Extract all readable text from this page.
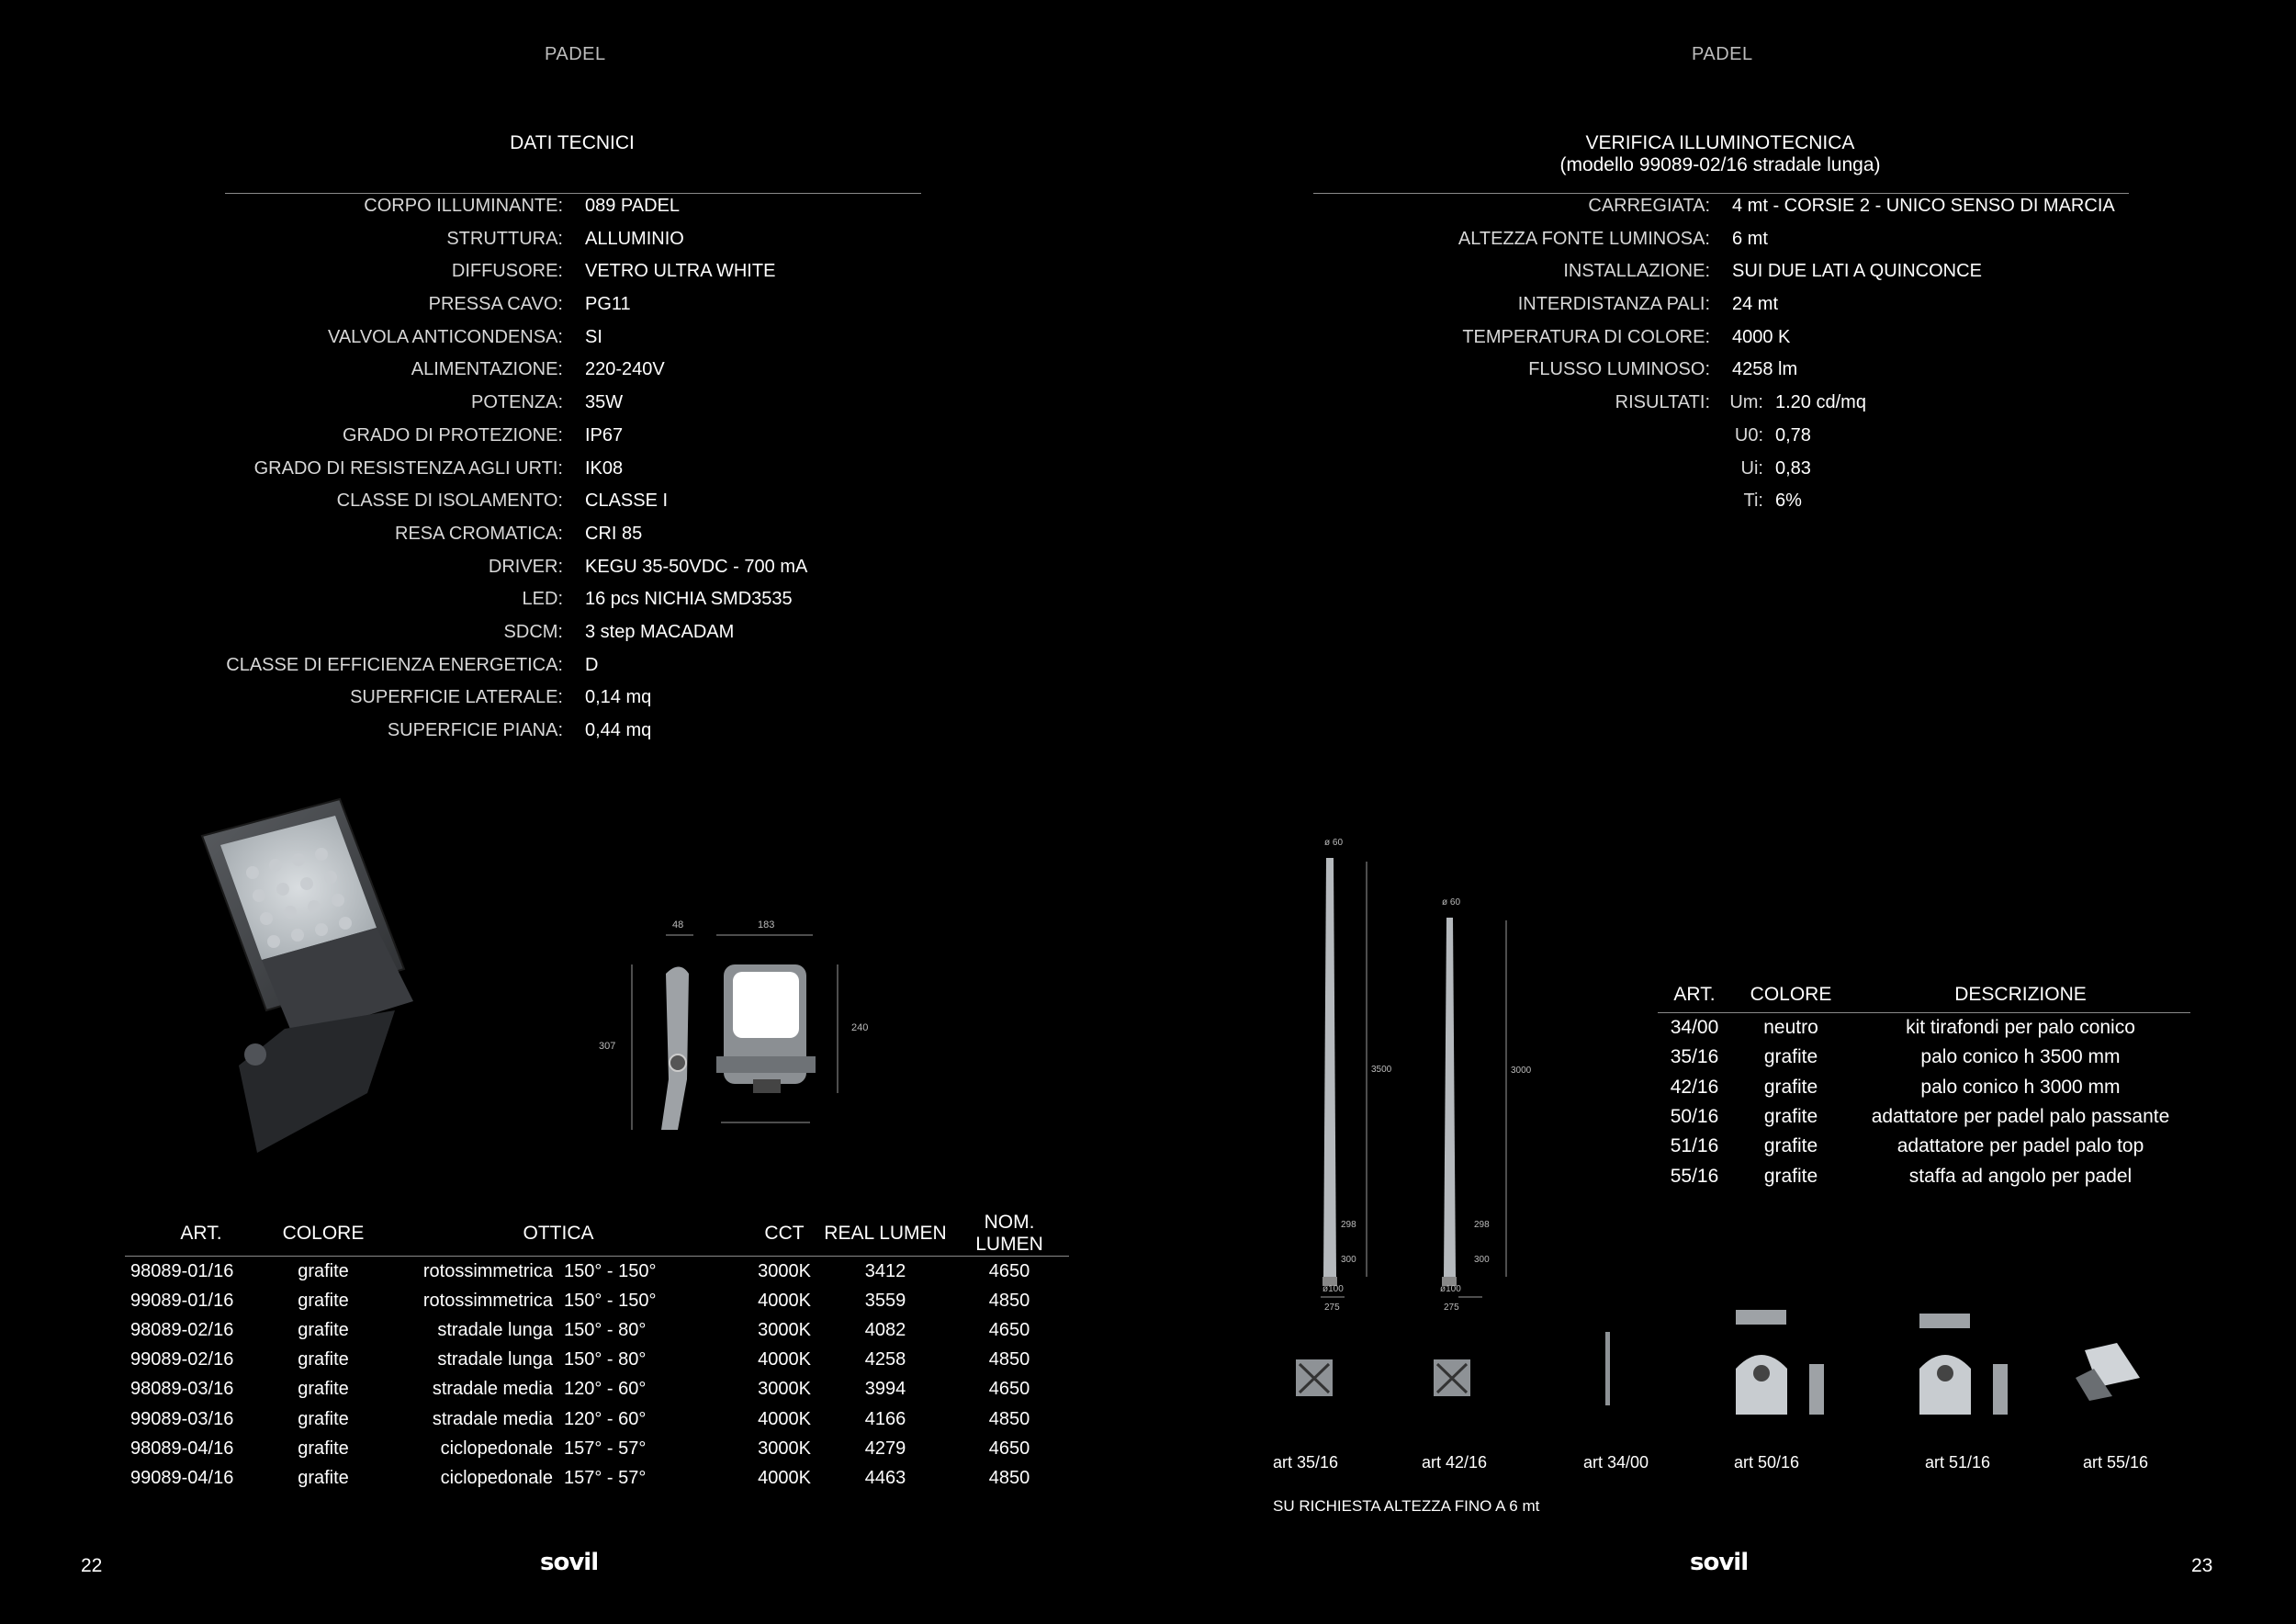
PADEL
DATI TECNICI
CORPO ILLUMINANTE: 089 PADEL
STRUTTURA: ALLUMINIO
DIFFUSORE: VETRO ULTRA WHITE
PRESSA CAVO: PG11
VALVOLA ANTICONDENSA: SI
ALIMENTAZIONE: 220-240V
POTENZA: 35W
GRADO DI PROTEZIONE: IP67
GRADO DI RESISTENZA AGLI URTI: IK08
CLASSE DI ISOLAMENTO: CLASSE I
RESA CROMATICA: CRI 85
DRIVER: KEGU 35-50VDC - 700 mA
LED: 16 pcs NICHIA SMD3535
SDCM: 3 step MACADAM
CLASSE DI EFFICIENZA ENERGETICA: D
SUPERFICIE LATERALE: 0,14 mq
SUPERFICIE PIANA: 0,44 mq
48	183
307
240
ART.	COLORE	OTTICA		CCT	REAL LUMEN	NOM. LUMEN
98089-01/16	grafite	rotossimmetrica	150° - 150°	3000K	3412	4650
99089-01/16	grafite	rotossimmetrica	150° - 150°	4000K	3559	4850
98089-02/16	grafite	stradale lunga	150° - 80°	3000K	4082	4650
99089-02/16	grafite	stradale lunga	150° - 80°	4000K	4258	4850
98089-03/16	grafite	stradale media	120° - 60°	3000K	3994	4650
99089-03/16	grafite	stradale media	120° - 60°	4000K	4166	4850
98089-04/16	grafite	ciclopedonale	157° - 57°	3000K	4279	4650
99089-04/16	grafite	ciclopedonale	157° - 57°	4000K	4463	4850
22	sovil
PADEL
VERIFICA ILLUMINOTECNICA
(modello 99089-02/16 stradale lunga)
CARREGIATA: 4 mt - CORSIE 2 - UNICO SENSO DI MARCIA
ALTEZZA FONTE LUMINOSA: 6 mt
INSTALLAZIONE: SUI DUE LATI A QUINCONCE
INTERDISTANZA PALI: 24 mt
TEMPERATURA DI COLORE: 4000 K
FLUSSO LUMINOSO: 4258 lm
RISULTATI:	Um: 1.20 cd/mq
U0: 0,78
Ui: 0,83
Ti: 6%
ø 60
3500
298
300
ø100
275
ø 60
3000
298
300
ø100
275
art 35/16	art 42/16	art 34/00	art 50/16	art 51/16	art 55/16
ART.	COLORE	DESCRIZIONE
34/00	neutro	kit tirafondi per palo conico
35/16	grafite	palo conico h 3500 mm
42/16	grafite	palo conico h 3000 mm
50/16	grafite	adattatore per padel palo passante
51/16	grafite	adattatore per padel palo top
55/16	grafite	staffa ad angolo per padel
SU RICHIESTA ALTEZZA FINO A 6 mt
sovil	23
